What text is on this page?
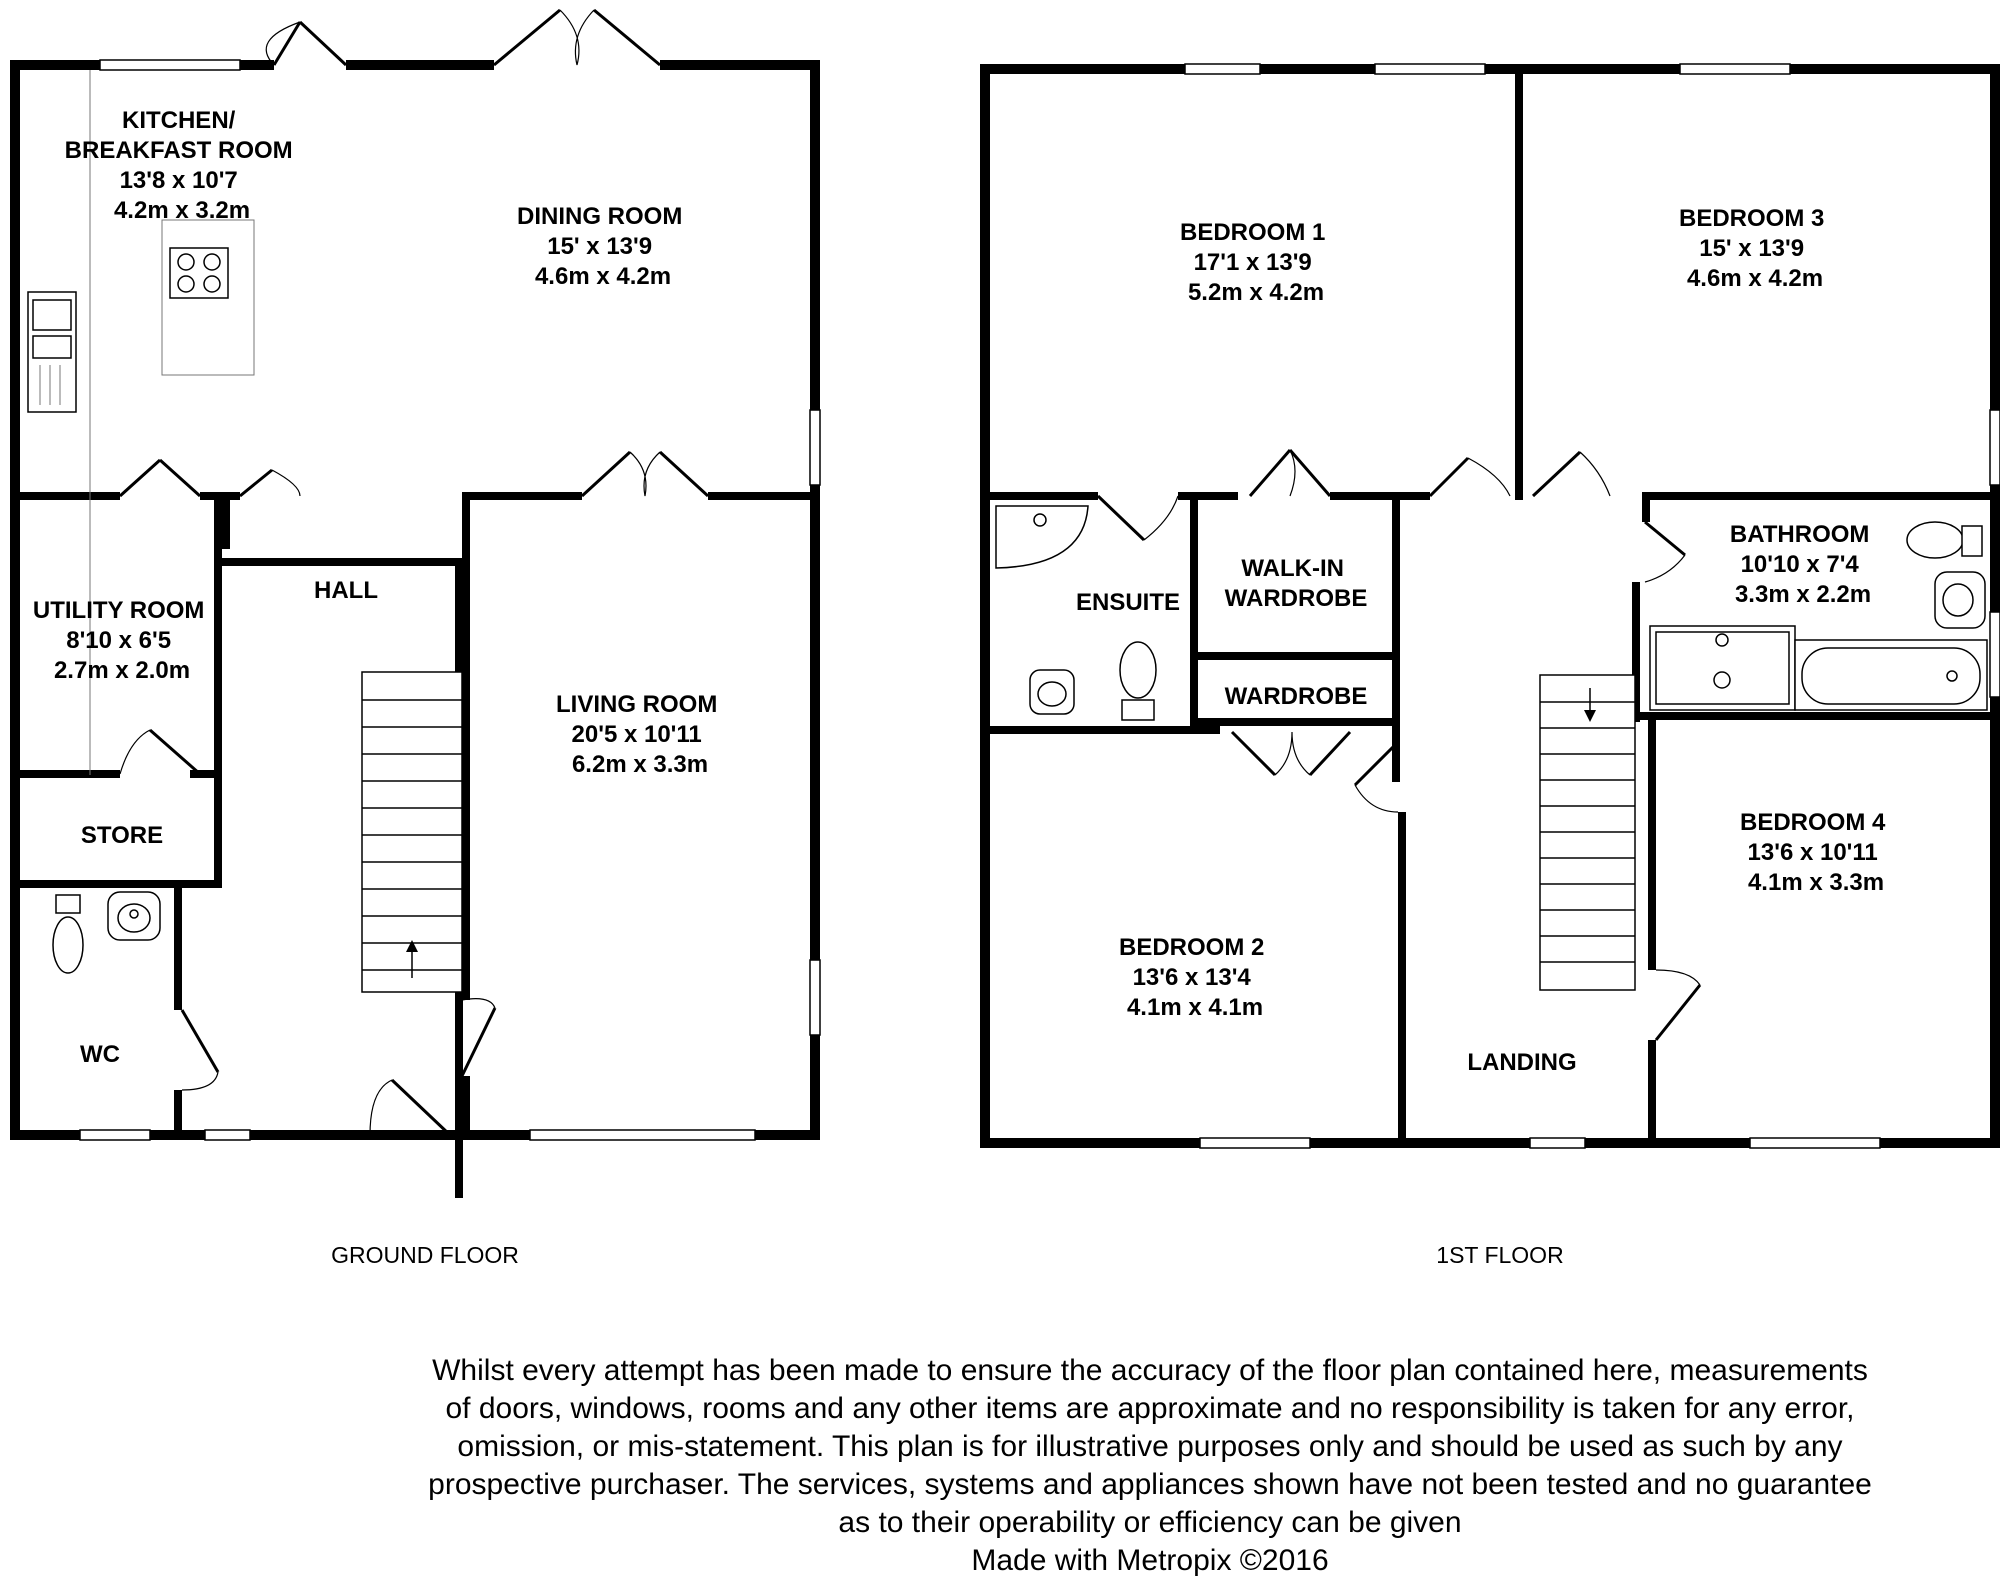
KITCHEN/ BREAKFAST ROOM 13'8 x 10'7 4.2m x 3.2m	DINING ROOM 15' x 13'9 4.6m x 4.2m
UTILITY ROOM 8'10 x 6'5 2.7m x 2.0m
HALL
LIVING ROOM 20'5 x 10'11 6.2m x 3.3m
STORE
WC
GROUND FLOOR
BEDROOM 1 17'1 x 13'9 5.2m x 4.2m
BEDROOM 3 15' x 13'9 4.6m x 4.2m
BATHROOM 10'10 x 7'4 3.3m x 2.2m
ENSUITE
WALK-IN WARDROBE
WARDROBE
BEDROOM 2 13'6 x 13'4 4.1m x 4.1m
BEDROOM 4 13'6 x 10'11 4.1m x 3.3m
LANDING
1ST FLOOR
Whilst every attempt has been made to ensure the accuracy of the floor plan contained here, measurements
of doors, windows, rooms and any other items are approximate and no responsibility is taken for any error,
omission, or mis-statement. This plan is for illustrative purposes only and should be used as such by any
prospective purchaser. The services, systems and appliances shown have not been tested and no guarantee
as to their operability or efficiency can be given
Made with Metropix ©2016
